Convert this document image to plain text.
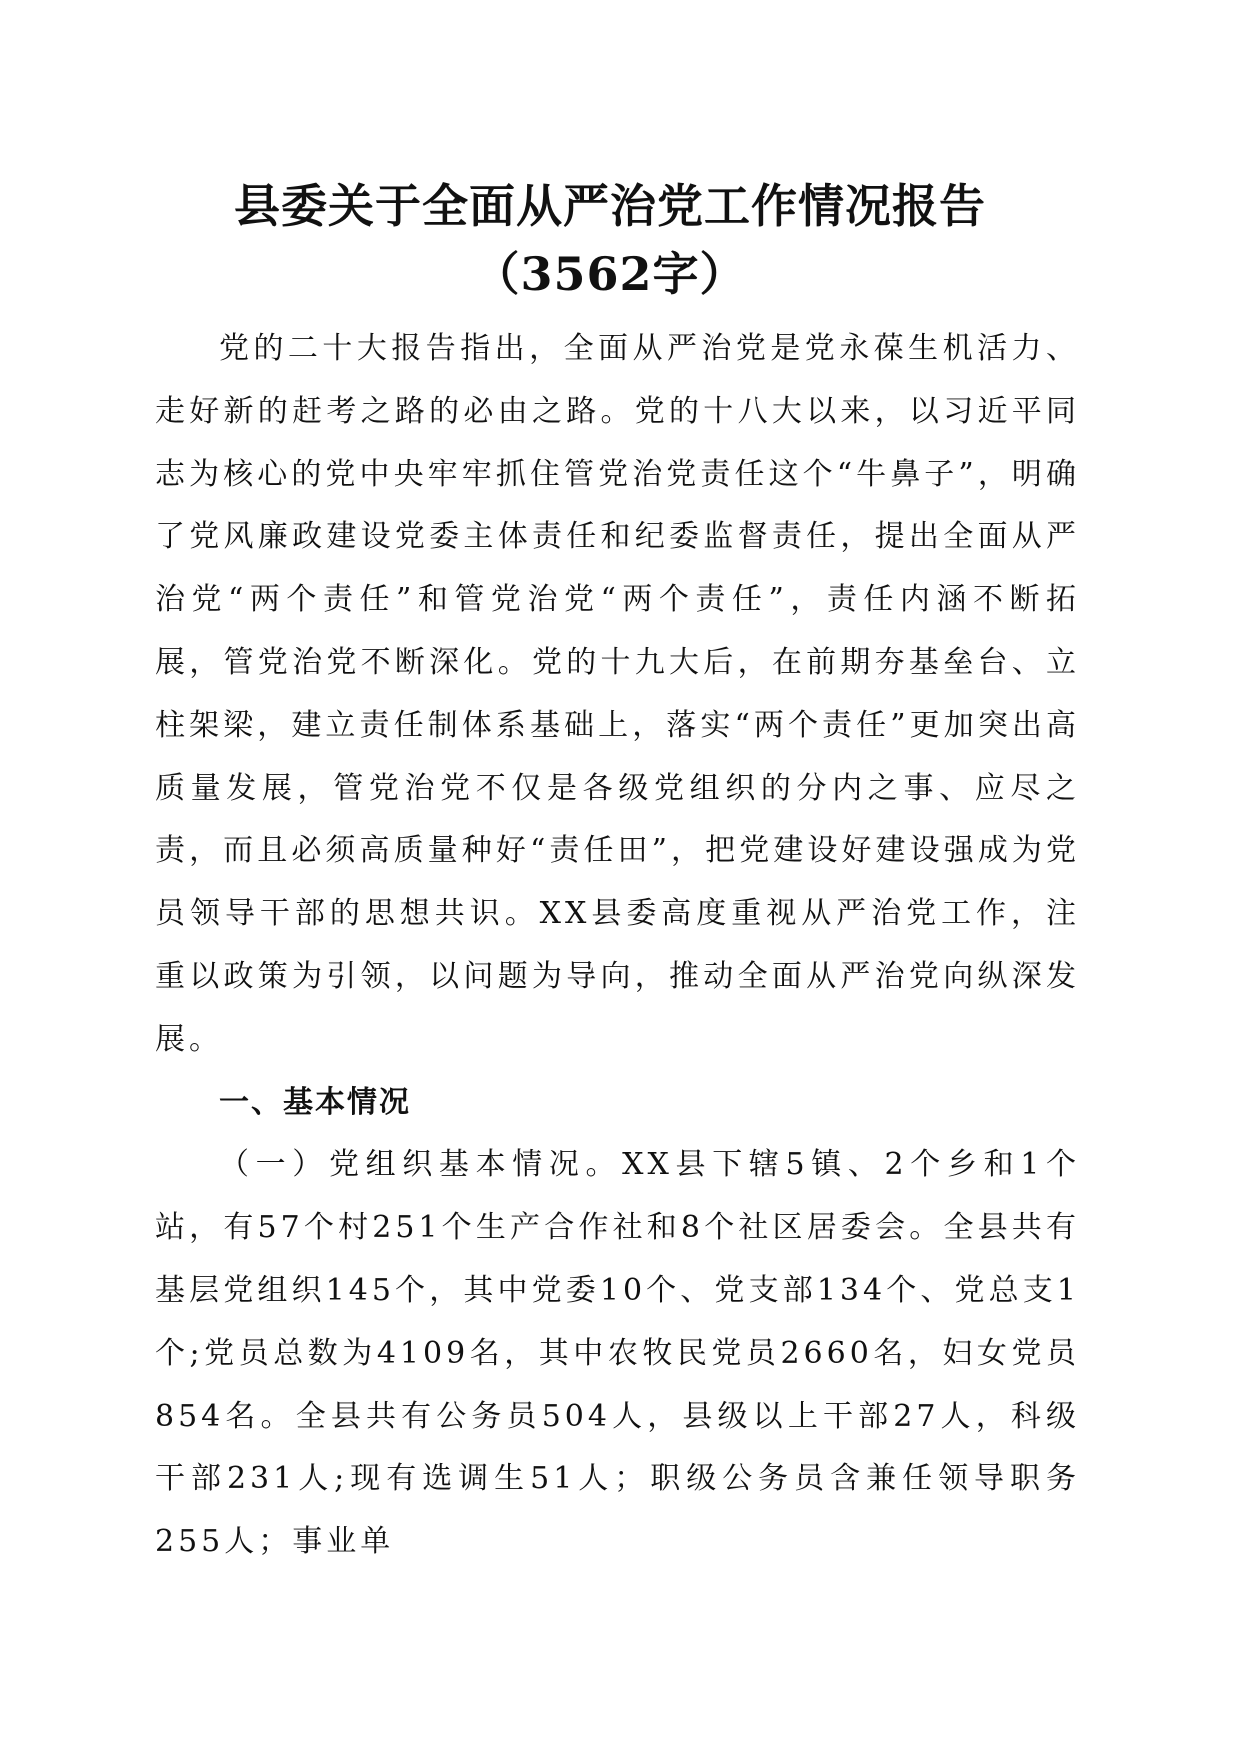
县委关于全面从严治党工作情况报告（3562字）

党的二十大报告指出，全面从严治党是党永葆生机活力、走好新的赶考之路的必由之路。党的十八大以来，以习近平同志为核心的党中央牢牢抓住管党治党责任这个“牛鼻子”，明确了党风廉政建设党委主体责任和纪委监督责任，提出全面从严治党“两个责任”和管党治党“两个责任”，责任内涵不断拓展，管党治党不断深化。党的十九大后，在前期夯基垒台、立柱架梁，建立责任制体系基础上，落实“两个责任”更加突出高质量发展，管党治党不仅是各级党组织的分内之事、应尽之责，而且必须高质量种好“责任田”，把党建设好建设强成为党员领导干部的思想共识。XX县委高度重视从严治党工作，注重以政策为引领，以问题为导向，推动全面从严治党向纵深发展。

一、基本情况

（一）党组织基本情况。XX县下辖5镇、2个乡和1个站，有57个村251个生产合作社和8个社区居委会。全县共有基层党组织145个，其中党委10个、党支部134个、党总支1个;党员总数为4109名，其中农牧民党员2660名，妇女党员854名。全县共有公务员504人，县级以上干部27人，科级干部231人;现有选调生51人；职级公务员含兼任领导职务255人；事业单
